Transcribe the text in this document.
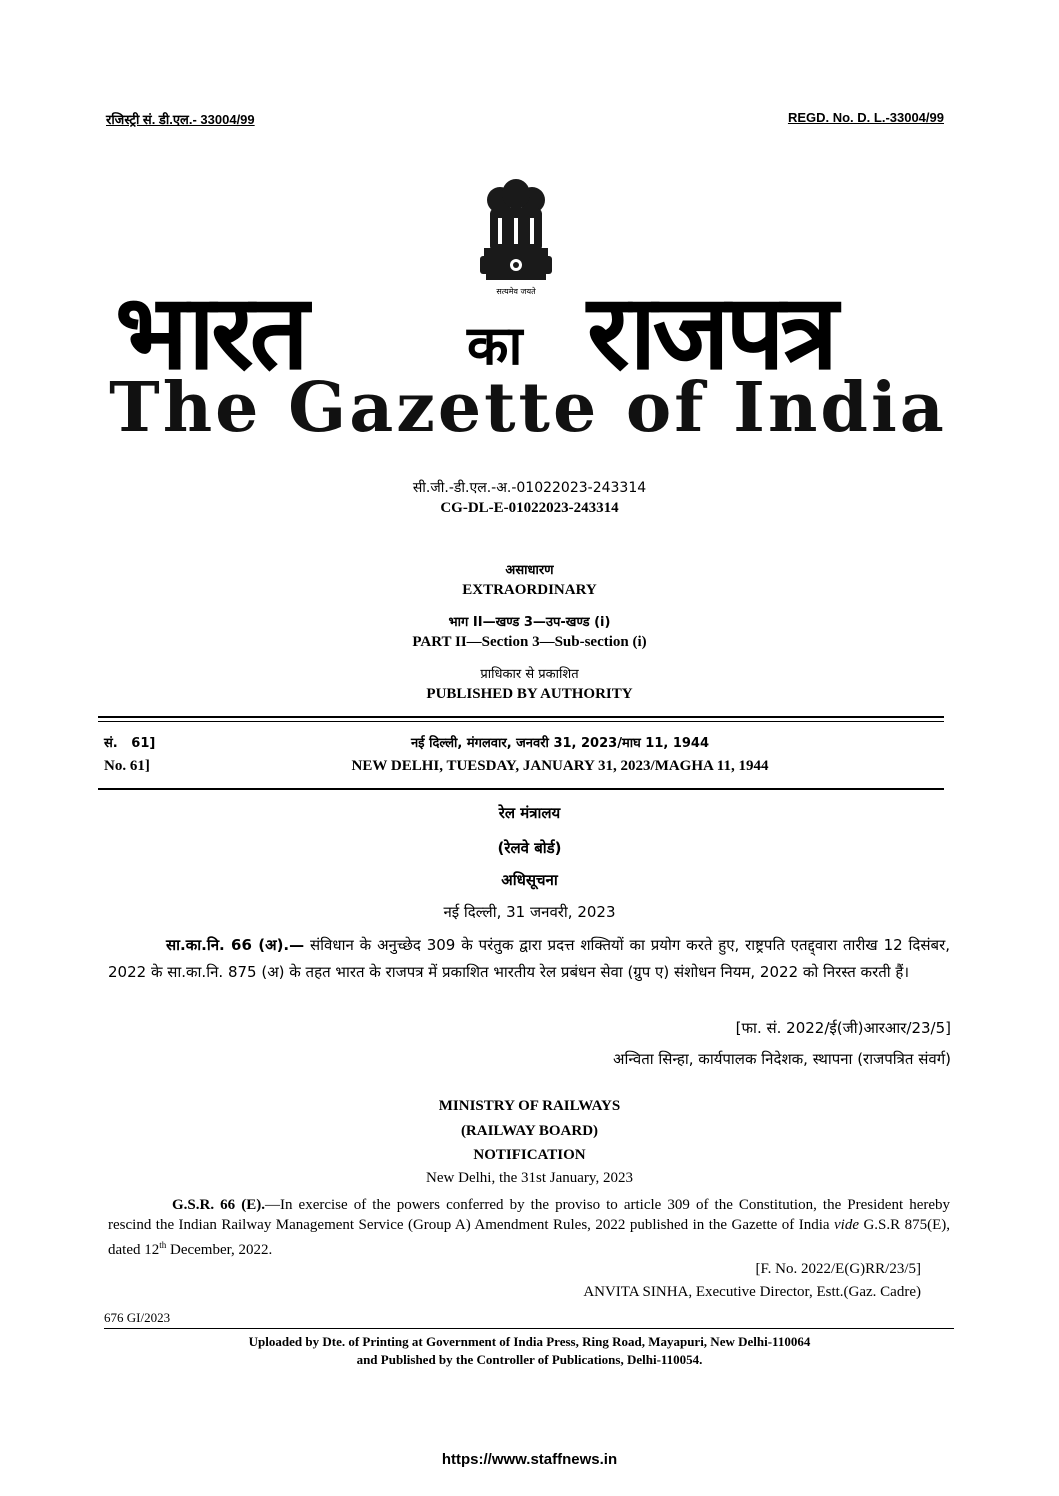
रजिस्ट्री सं. डी.एल.- 33004/99	REGD. No. D. L.-33004/99
सत्यमेव जयते
भारत	का राजपत्र
The Gazette of India
सी.जी.-डी.एल.-अ.-01022023-243314
CG-DL-E-01022023-243314
असाधारण
EXTRAORDINARY
भाग II—खण्ड 3—उप-खण्ड (i)
PART II—Section 3—Sub-section (i)
प्राधिकार से प्रकाशित
PUBLISHED BY AUTHORITY
सं.   61]	नई दिल्ली, मंगलवार, जनवरी 31, 2023/माघ 11, 1944
No. 61]	NEW DELHI, TUESDAY, JANUARY 31, 2023/MAGHA 11, 1944
रेल मंत्रालय
(रेलवे बोर्ड)
अधिसूचना
नई दिल्ली, 31 जनवरी, 2023
सा.का.नि. 66 (अ).— संविधान के अनुच्छेद 309 के परंतुक द्वारा प्रदत्त शक्तियों का प्रयोग करते हुए, राष्ट्रपति एतद्द्वारा तारीख 12 दिसंबर, 2022 के सा.का.नि. 875 (अ) के तहत भारत के राजपत्र में प्रकाशित भारतीय रेल प्रबंधन सेवा (ग्रुप ए) संशोधन नियम, 2022 को निरस्त करती हैं।
[फा. सं. 2022/ई(जी)आरआर/23/5]
अन्विता सिन्हा, कार्यपालक निदेशक, स्थापना (राजपत्रित संवर्ग)
MINISTRY OF RAILWAYS
(RAILWAY BOARD)
NOTIFICATION
New Delhi, the 31st January, 2023
G.S.R. 66 (E).—In exercise of the powers conferred by the proviso to article 309 of the Constitution, the President hereby rescind the Indian Railway Management Service (Group A) Amendment Rules, 2022 published in the Gazette of India vide G.S.R 875(E), dated 12th December, 2022.
[F. No. 2022/E(G)RR/23/5]
ANVITA SINHA, Executive Director, Estt.(Gaz. Cadre)
676 GI/2023
Uploaded by Dte. of Printing at Government of India Press, Ring Road, Mayapuri, New Delhi-110064
and Published by the Controller of Publications, Delhi-110054.
https://www.staffnews.in
